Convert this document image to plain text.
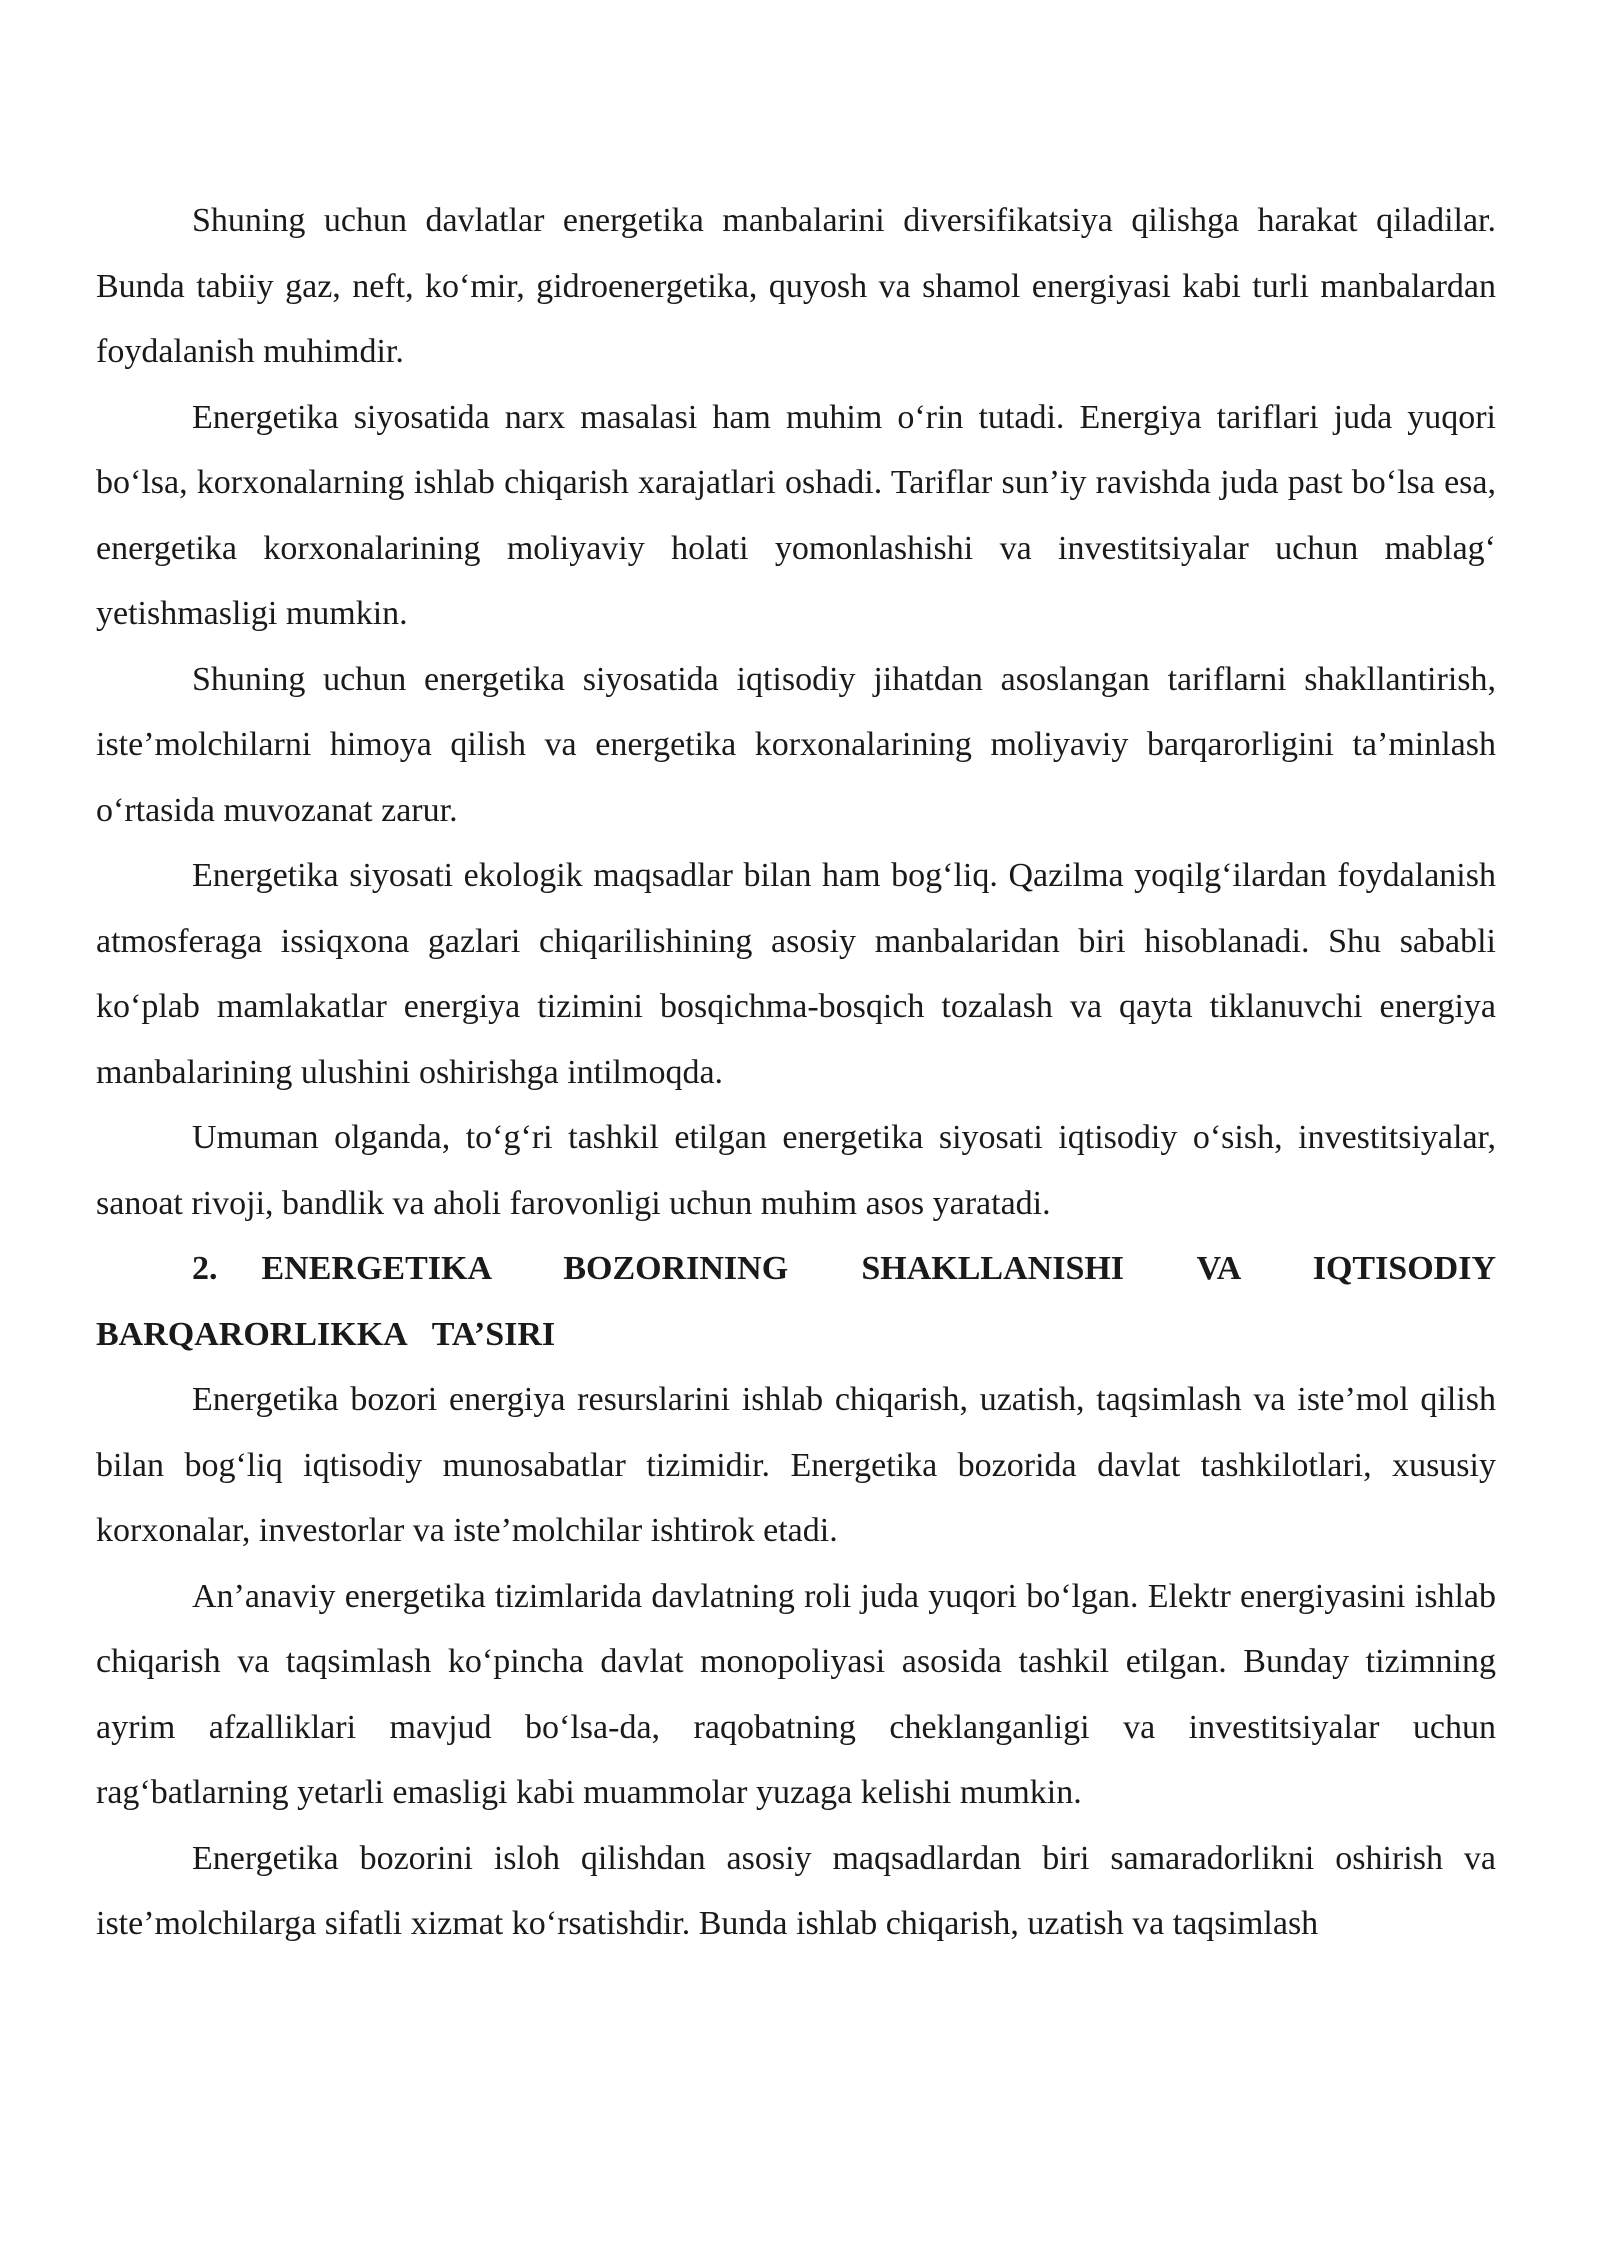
Shuning uchun davlatlar energetika manbalarini diversifikatsiya qilishga harakat qiladilar. Bunda tabiiy gaz, neft, ko‘mir, gidroenergetika, quyosh va shamol energiyasi kabi turli manbalardan foydalanish muhimdir.

Energetika siyosatida narx masalasi ham muhim o‘rin tutadi. Energiya tariflari juda yuqori bo‘lsa, korxonalarning ishlab chiqarish xarajatlari oshadi. Tariflar sun’iy ravishda juda past bo‘lsa esa, energetika korxonalarining moliyaviy holati yomonlashishi va investitsiyalar uchun mablag‘ yetishmasligi mumkin.

Shuning uchun energetika siyosatida iqtisodiy jihatdan asoslangan tariflarni shakllantirish, iste’molchilarni himoya qilish va energetika korxonalarining moliyaviy barqarorligini ta’minlash o‘rtasida muvozanat zarur.

Energetika siyosati ekologik maqsadlar bilan ham bog‘liq. Qazilma yoqilg‘ilardan foydalanish atmosferaga issiqxona gazlari chiqarilishining asosiy manbalaridan biri hisoblanadi. Shu sababli ko‘plab mamlakatlar energiya tizimini bosqichma-bosqich tozalash va qayta tiklanuvchi energiya manbalarining ulushini oshirishga intilmoqda.

Umuman olganda, to‘g‘ri tashkil etilgan energetika siyosati iqtisodiy o‘sish, investitsiyalar, sanoat rivoji, bandlik va aholi farovonligi uchun muhim asos yaratadi.

2. ENERGETIKA BOZORINING SHAKLLANISHI VA IQTISODIY BARQARORLIKKA TA’SIRI

Energetika bozori energiya resurslarini ishlab chiqarish, uzatish, taqsimlash va iste’mol qilish bilan bog‘liq iqtisodiy munosabatlar tizimidir. Energetika bozorida davlat tashkilotlari, xususiy korxonalar, investorlar va iste’molchilar ishtirok etadi.

An’anaviy energetika tizimlarida davlatning roli juda yuqori bo‘lgan. Elektr energiyasini ishlab chiqarish va taqsimlash ko‘pincha davlat monopoliyasi asosida tashkil etilgan. Bunday tizimning ayrim afzalliklari mavjud bo‘lsa-da, raqobatning cheklanganligi va investitsiyalar uchun rag‘batlarning yetarli emasligi kabi muammolar yuzaga kelishi mumkin.

Energetika bozorini isloh qilishdan asosiy maqsadlardan biri samaradorlikni oshirish va iste’molchilarga sifatli xizmat ko‘rsatishdir. Bunda ishlab chiqarish, uzatish va taqsimlash
